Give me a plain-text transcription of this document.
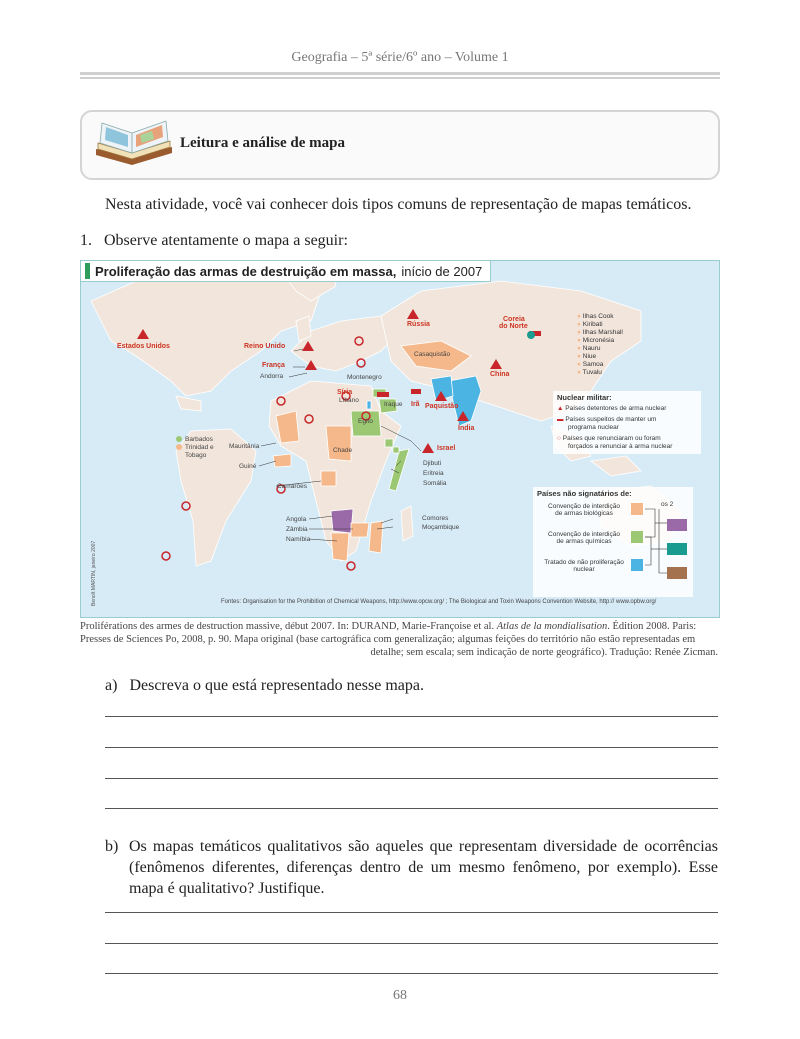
Geografia – 5ª série/6º ano – Volume 1
Leitura e análise de mapa
Nesta atividade, você vai conhecer dois tipos comuns de representação de mapas temáticos.
1. Observe atentamente o mapa a seguir:
Proliferação das armas de destruição em massa, início de 2007
Estados Unidos	Reino Unido
França
Rússia
Coreia
do Norte
China
Síria
Irã Paquistão
Índia
Israel
Andorra	Montenegro
Líbano
Iraque
Egito
Casaquistão
Barbados
Trinidad e
Tobago
Mauritânia
Guiné
Chade
Camarões
Djibuti
Eritreia
Somália
Angola
Zâmbia
Namíbia
Comores
Moçambique
● Ilhas Cook
● Kiribati
● Ilhas Marshall
● Micronésia
● Nauru
● Niue
● Samoa
● Tuvalu
Nuclear militar:
▲ Países detentores de arma nuclear
▬ Países suspeitos de manter um
programa nuclear
○ Países que renunciaram ou foram
forçados a renunciar à arma nuclear
Países não signatários de:
Convenção de interdição
de armas biológicas
Convenção de interdição
de armas químicas
Tratado de não proliferação
nuclear
os 2
Fontes: Organisation for the Prohibition of Chemical Weapons, http://www.opcw.org/ ; The Biological and Toxin Weapons Convention Website, http:// www.opbw.org/
Benoît MARTIN, janeiro 2007
Proliférations des armes de destruction massive, début 2007. In: DURAND, Marie-Françoise et al. Atlas de la mondialisation. Édition 2008. Paris:
Presses de Sciences Po, 2008, p. 90. Mapa original (base cartográfica com generalização; algumas feições do território não estão representadas em
detalhe; sem escala; sem indicação de norte geográfico). Tradução: Renée Zicman.
a) Descreva o que está representado nesse mapa.
b) Os mapas temáticos qualitativos são aqueles que representam diversidade de ocorrências (fenômenos diferentes, diferenças dentro de um mesmo fenômeno, por exemplo). Esse mapa é qualitativo? Justifique.
68
